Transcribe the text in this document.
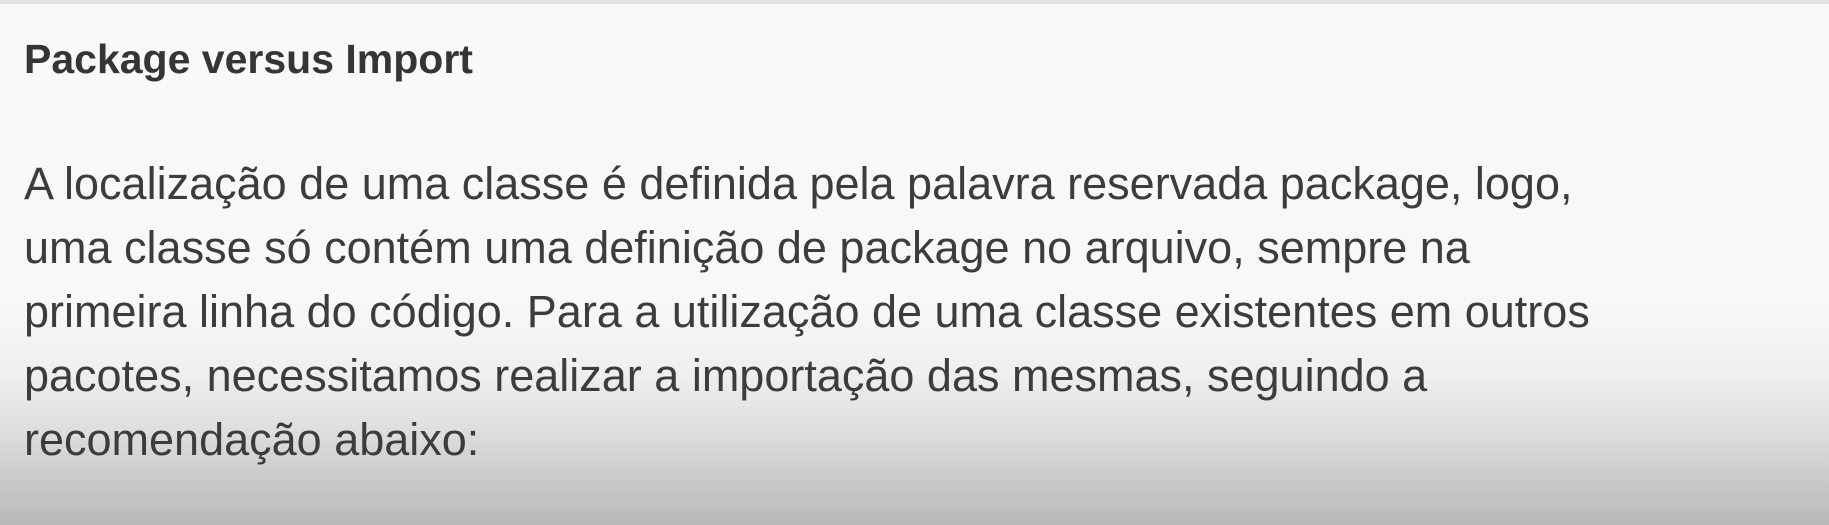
Package versus Import

A localização de uma classe é definida pela palavra reservada package, logo,
uma classe só contém uma definição de package no arquivo, sempre na
primeira linha do código. Para a utilização de uma classe existentes em outros
pacotes, necessitamos realizar a importação das mesmas, seguindo a
recomendação abaixo:
